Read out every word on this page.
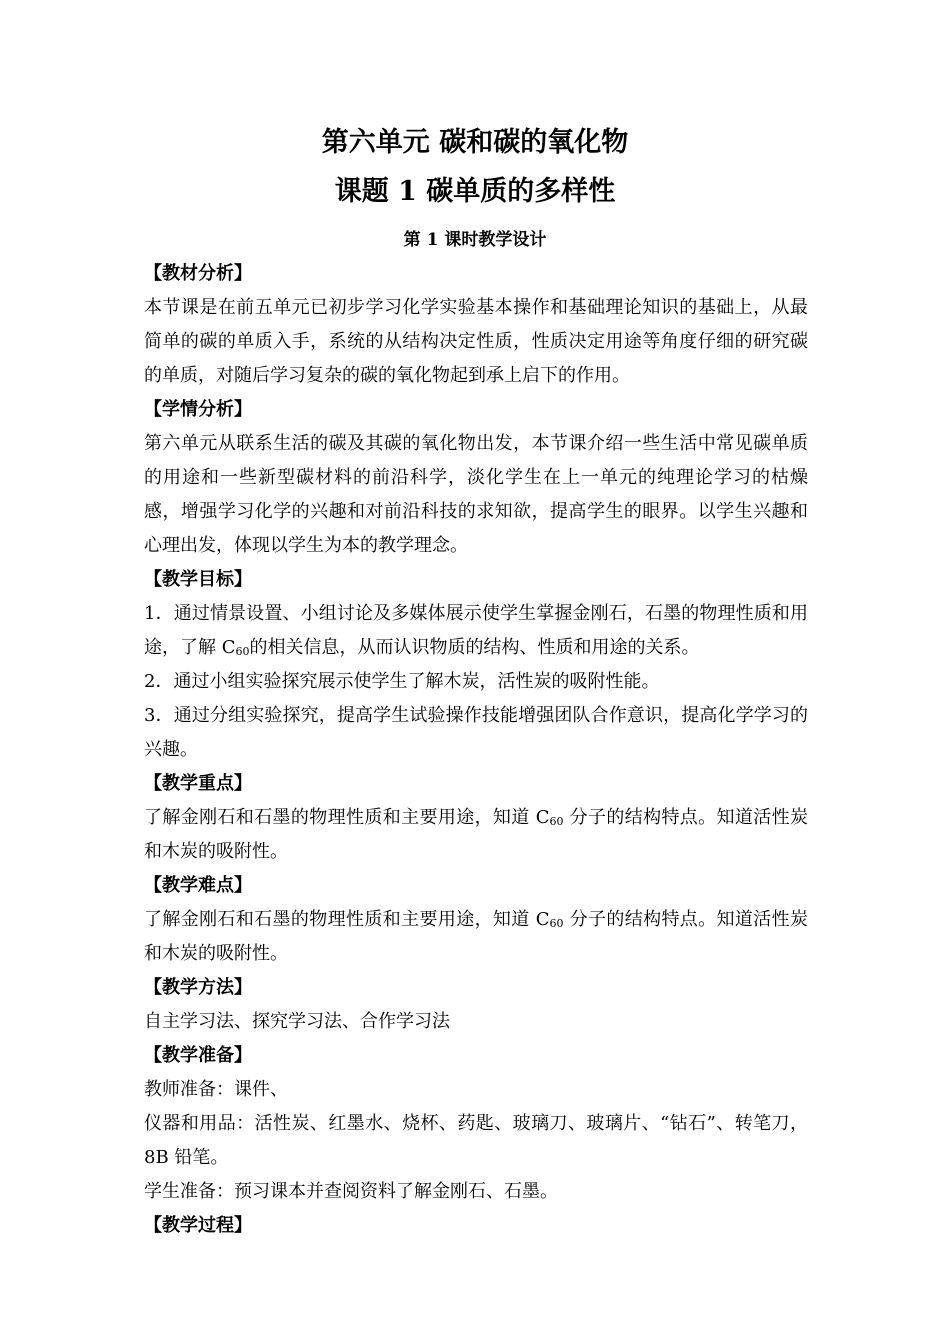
第六单元 碳和碳的氧化物
课题 1 碳单质的多样性
第 1 课时教学设计

【教材分析】

本节课是在前五单元已初步学习化学实验基本操作和基础理论知识的基础上，从最简单的碳的单质入手，系统的从结构决定性质，性质决定用途等角度仔细的研究碳的单质，对随后学习复杂的碳的氧化物起到承上启下的作用。

【学情分析】

第六单元从联系生活的碳及其碳的氧化物出发，本节课介绍一些生活中常见碳单质的用途和一些新型碳材料的前沿科学，淡化学生在上一单元的纯理论学习的枯燥感，增强学习化学的兴趣和对前沿科技的求知欲，提高学生的眼界。以学生兴趣和心理出发，体现以学生为本的教学理念。

【教学目标】

1．通过情景设置、小组讨论及多媒体展示使学生掌握金刚石，石墨的物理性质和用途，了解 $C_{60}$的相关信息，从而认识物质的结构、性质和用途的关系。

2．通过小组实验探究展示使学生了解木炭，活性炭的吸附性能。

3．通过分组实验探究，提高学生试验操作技能增强团队合作意识，提高化学学习的兴趣。

【教学重点】

了解金刚石和石墨的物理性质和主要用途，知道 $C_{60}$ 分子的结构特点。知道活性炭和木炭的吸附性。

【教学难点】

了解金刚石和石墨的物理性质和主要用途，知道 $C_{60}$ 分子的结构特点。知道活性炭和木炭的吸附性。

【教学方法】

自主学习法、探究学习法、合作学习法

【教学准备】

教师准备：课件、

仪器和用品：活性炭、红墨水、烧杯、药匙、玻璃刀、玻璃片、“钻石”、转笔刀，8B 铅笔。

学生准备：预习课本并查阅资料了解金刚石、石墨。

【教学过程】
